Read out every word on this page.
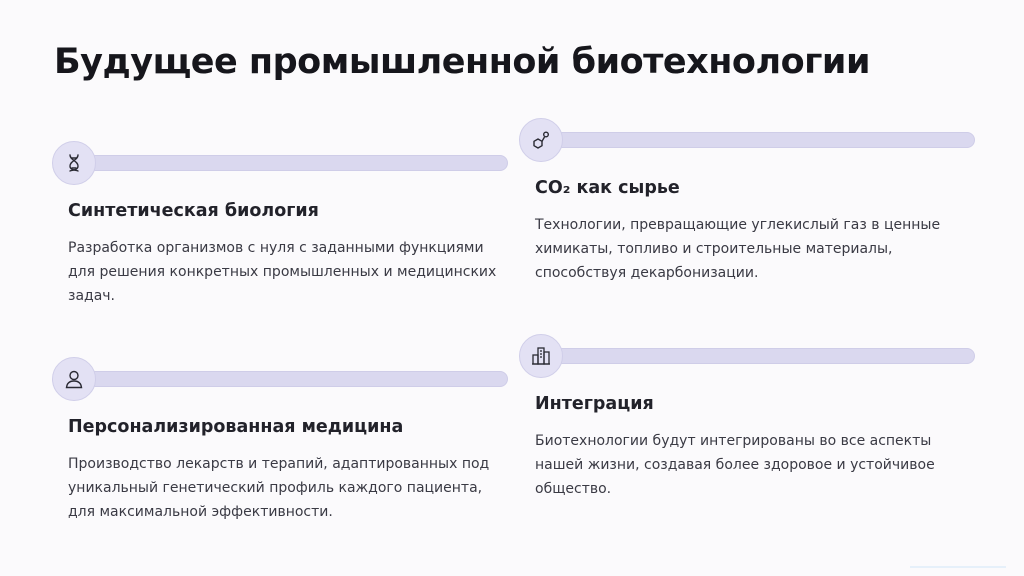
Будущее промышленной биотехнологии
Синтетическая биология

Разработка организмов с нуля с заданными функциями для решения конкретных промышленных и медицинских задач.

CO₂ как сырье

Технологии, превращающие углекислый газ в ценные химикаты, топливо и строительные материалы, способствуя декарбонизации.

Персонализированная медицина

Производство лекарств и терапий, адаптированных под уникальный генетический профиль каждого пациента, для максимальной эффективности.

Интеграция

Биотехнологии будут интегрированы во все аспекты нашей жизни, создавая более здоровое и устойчивое общество.
